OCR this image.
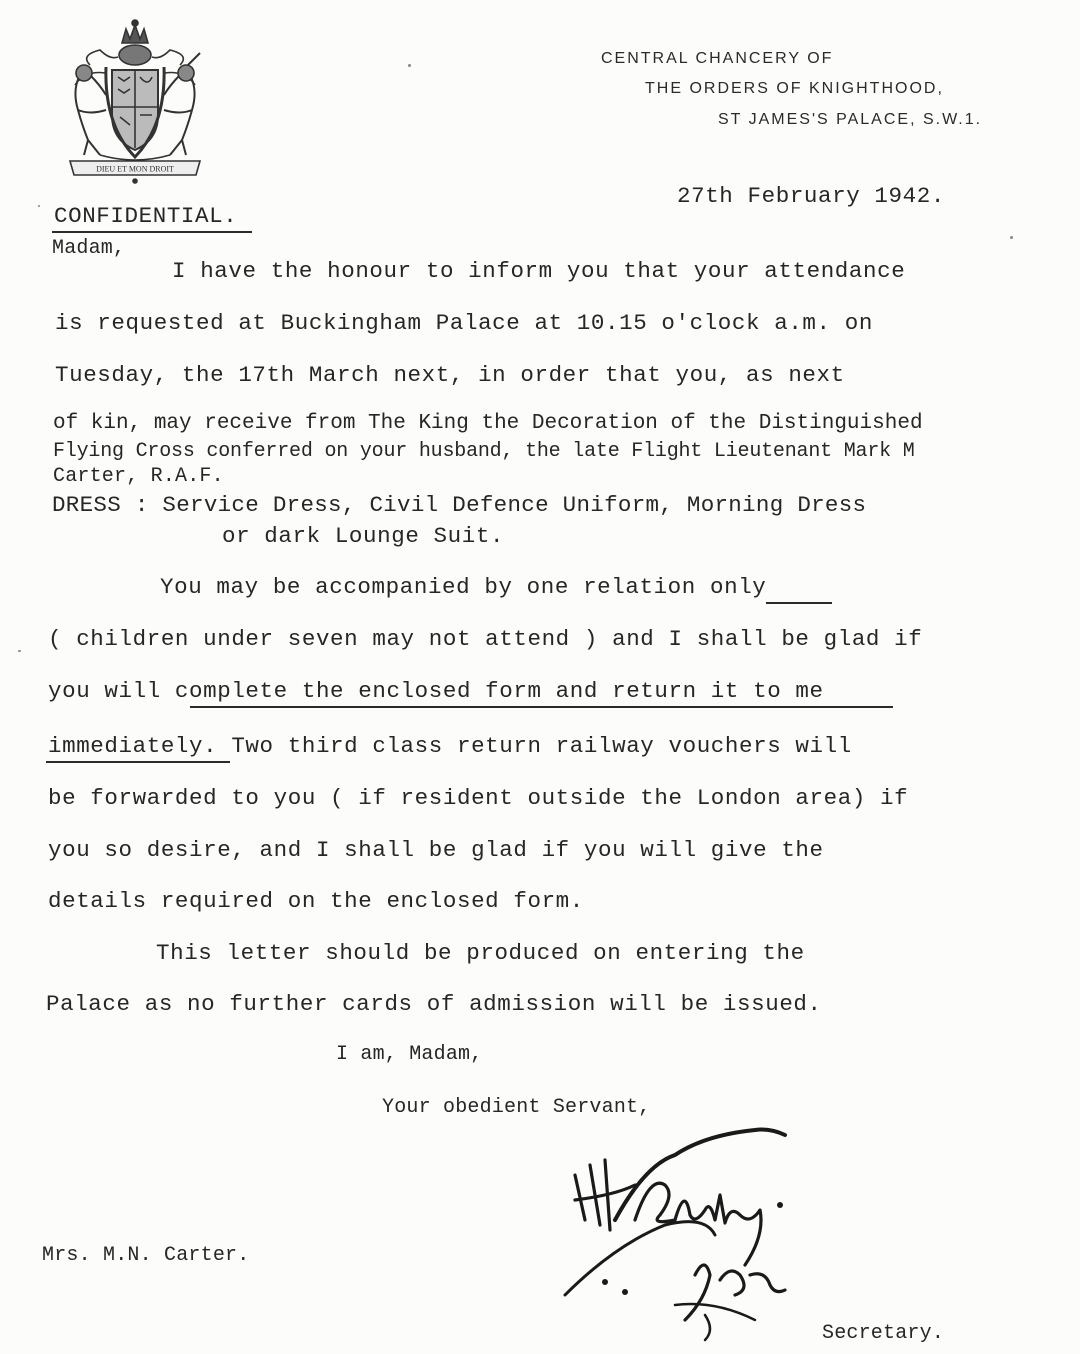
DIEU ET MON DROIT
CENTRAL CHANCERY OF
THE ORDERS OF KNIGHTHOOD,
ST JAMES'S PALACE, S.W.1.
27th February 1942.
CONFIDENTIAL.
Madam,
I have the honour to inform you that your attendance
is requested at Buckingham Palace at 10.15 o'clock a.m. on
Tuesday, the 17th March next, in order that you, as next
of kin, may receive from The King the Decoration of the Distinguished
Flying Cross conferred on your husband, the late Flight Lieutenant Mark M
Carter, R.A.F.
DRESS : Service Dress, Civil Defence Uniform, Morning Dress
or dark Lounge Suit.
You may be accompanied by one relation only
( children under seven may not attend ) and I shall be glad if
you will complete the enclosed form and return it to me
immediately. Two third class return railway vouchers will
be forwarded to you ( if resident outside the London area) if
you so desire, and I shall be glad if you will give the
details required on the enclosed form.
This letter should be produced on entering the
Palace as no further cards of admission will be issued.
I am, Madam,
Your obedient Servant,
Secretary.
Mrs. M.N. Carter.
